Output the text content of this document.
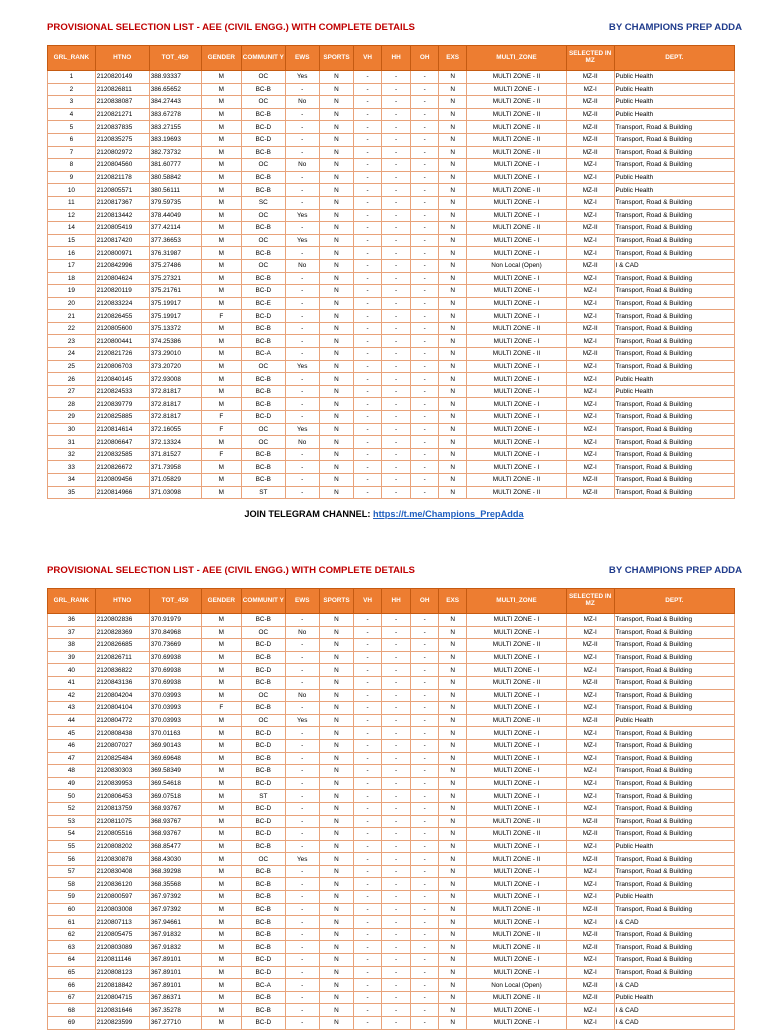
PROVISIONAL SELECTION LIST - AEE (CIVIL ENGG.) WITH COMPLETE DETAILS	BY CHAMPIONS PREP ADDA
GRL_RANK	HTNO	TOT_450	GENDER	COMMUNIT Y	EWS	SPORTS	VH	HH	OH	EXS	MULTI_ZONE	SELECTED IN MZ	DEPT.
1	2120820149	388.93337	M	OC	Yes	N	-	-	-	N	MULTI ZONE - II	MZ-II	Public Health
2	2120826811	386.65652	M	BC-B	-	N	-	-	-	N	MULTI ZONE - I	MZ-I	Public Health
3	2120838087	384.27443	M	OC	No	N	-	-	-	N	MULTI ZONE - II	MZ-II	Public Health
4	2120821271	383.67278	M	BC-B	-	N	-	-	-	N	MULTI ZONE - II	MZ-II	Public Health
5	2120837835	383.27155	M	BC-D	-	N	-	-	-	N	MULTI ZONE - II	MZ-II	Transport, Road & Building
6	2120835275	383.19693	M	BC-D	-	N	-	-	-	N	MULTI ZONE - II	MZ-II	Transport, Road & Building
7	2120802972	382.73732	M	BC-B	-	N	-	-	-	N	MULTI ZONE - II	MZ-II	Transport, Road & Building
8	2120804560	381.60777	M	OC	No	N	-	-	-	N	MULTI ZONE - I	MZ-I	Transport, Road & Building
9	2120821178	380.58842	M	BC-B	-	N	-	-	-	N	MULTI ZONE - I	MZ-I	Public Health
10	2120805571	380.56111	M	BC-B	-	N	-	-	-	N	MULTI ZONE - II	MZ-II	Public Health
11	2120817367	379.59735	M	SC	-	N	-	-	-	N	MULTI ZONE - I	MZ-I	Transport, Road & Building
12	2120813442	378.44049	M	OC	Yes	N	-	-	-	N	MULTI ZONE - I	MZ-I	Transport, Road & Building
14	2120805419	377.42114	M	BC-B	-	N	-	-	-	N	MULTI ZONE - II	MZ-II	Transport, Road & Building
15	2120817420	377.36653	M	OC	Yes	N	-	-	-	N	MULTI ZONE - I	MZ-I	Transport, Road & Building
16	2120800971	376.31987	M	BC-B	-	N	-	-	-	N	MULTI ZONE - I	MZ-I	Transport, Road & Building
17	2120842996	375.27486	M	OC	No	N	-	-	-	N	Non Local (Open)	MZ-II	I & CAD
18	2120804624	375.27321	M	BC-B	-	N	-	-	-	N	MULTI ZONE - I	MZ-I	Transport, Road & Building
19	2120820119	375.21761	M	BC-D	-	N	-	-	-	N	MULTI ZONE - I	MZ-I	Transport, Road & Building
20	2120833224	375.19917	M	BC-E	-	N	-	-	-	N	MULTI ZONE - I	MZ-I	Transport, Road & Building
21	2120826455	375.19917	F	BC-D	-	N	-	-	-	N	MULTI ZONE - I	MZ-I	Transport, Road & Building
22	2120805600	375.13372	M	BC-B	-	N	-	-	-	N	MULTI ZONE - II	MZ-II	Transport, Road & Building
23	2120800441	374.25386	M	BC-B	-	N	-	-	-	N	MULTI ZONE - I	MZ-I	Transport, Road & Building
24	2120821726	373.29010	M	BC-A	-	N	-	-	-	N	MULTI ZONE - II	MZ-II	Transport, Road & Building
25	2120806703	373.20720	M	OC	Yes	N	-	-	-	N	MULTI ZONE - I	MZ-I	Transport, Road & Building
26	2120840145	372.93008	M	BC-B	-	N	-	-	-	N	MULTI ZONE - I	MZ-I	Public Health
27	2120824533	372.81817	M	BC-B	-	N	-	-	-	N	MULTI ZONE - I	MZ-I	Public Health
28	2120839779	372.81817	M	BC-B	-	N	-	-	-	N	MULTI ZONE - I	MZ-I	Transport, Road & Building
29	2120825885	372.81817	F	BC-D	-	N	-	-	-	N	MULTI ZONE - I	MZ-I	Transport, Road & Building
30	2120814614	372.16055	F	OC	Yes	N	-	-	-	N	MULTI ZONE - I	MZ-I	Transport, Road & Building
31	2120806647	372.13324	M	OC	No	N	-	-	-	N	MULTI ZONE - I	MZ-I	Transport, Road & Building
32	2120832585	371.81527	F	BC-B	-	N	-	-	-	N	MULTI ZONE - I	MZ-I	Transport, Road & Building
33	2120826672	371.73958	M	BC-B	-	N	-	-	-	N	MULTI ZONE - I	MZ-I	Transport, Road & Building
34	2120809456	371.05829	M	BC-B	-	N	-	-	-	N	MULTI ZONE - II	MZ-II	Transport, Road & Building
35	2120814966	371.03098	M	ST	-	N	-	-	-	N	MULTI ZONE - II	MZ-II	Transport, Road & Building
JOIN TELEGRAM CHANNEL: https://t.me/Champions_PrepAdda
PROVISIONAL SELECTION LIST - AEE (CIVIL ENGG.) WITH COMPLETE DETAILS	BY CHAMPIONS PREP ADDA
GRL_RANK	HTNO	TOT_450	GENDER	COMMUNIT Y	EWS	SPORTS	VH	HH	OH	EXS	MULTI_ZONE	SELECTED IN MZ	DEPT.
36	2120802836	370.91979	M	BC-B	-	N	-	-	-	N	MULTI ZONE - I	MZ-I	Transport, Road & Building
37	2120828369	370.84968	M	OC	No	N	-	-	-	N	MULTI ZONE - I	MZ-I	Transport, Road & Building
38	2120826685	370.73669	M	BC-D	-	N	-	-	-	N	MULTI ZONE - II	MZ-II	Transport, Road & Building
39	2120826711	370.69938	M	BC-B	-	N	-	-	-	N	MULTI ZONE - I	MZ-I	Transport, Road & Building
40	2120836822	370.69938	M	BC-D	-	N	-	-	-	N	MULTI ZONE - I	MZ-I	Transport, Road & Building
41	2120843136	370.69938	M	BC-B	-	N	-	-	-	N	MULTI ZONE - II	MZ-II	Transport, Road & Building
42	2120804204	370.03993	M	OC	No	N	-	-	-	N	MULTI ZONE - I	MZ-I	Transport, Road & Building
43	2120804104	370.03993	F	BC-B	-	N	-	-	-	N	MULTI ZONE - I	MZ-I	Transport, Road & Building
44	2120804772	370.03993	M	OC	Yes	N	-	-	-	N	MULTI ZONE - II	MZ-II	Public Health
45	2120808438	370.01163	M	BC-D	-	N	-	-	-	N	MULTI ZONE - I	MZ-I	Transport, Road & Building
46	2120807027	369.90143	M	BC-D	-	N	-	-	-	N	MULTI ZONE - I	MZ-I	Transport, Road & Building
47	2120825484	369.69648	M	BC-B	-	N	-	-	-	N	MULTI ZONE - I	MZ-I	Transport, Road & Building
48	2120830303	369.58349	M	BC-B	-	N	-	-	-	N	MULTI ZONE - I	MZ-I	Transport, Road & Building
49	2120839953	369.54618	M	BC-D	-	N	-	-	-	N	MULTI ZONE - I	MZ-I	Transport, Road & Building
50	2120806453	369.07518	M	ST	-	N	-	-	-	N	MULTI ZONE - I	MZ-I	Transport, Road & Building
52	2120813759	368.93767	M	BC-D	-	N	-	-	-	N	MULTI ZONE - I	MZ-I	Transport, Road & Building
53	2120811075	368.93767	M	BC-D	-	N	-	-	-	N	MULTI ZONE - II	MZ-II	Transport, Road & Building
54	2120805516	368.93767	M	BC-D	-	N	-	-	-	N	MULTI ZONE - II	MZ-II	Transport, Road & Building
55	2120808202	368.85477	M	BC-B	-	N	-	-	-	N	MULTI ZONE - I	MZ-I	Public Health
56	2120830878	368.43030	M	OC	Yes	N	-	-	-	N	MULTI ZONE - II	MZ-II	Transport, Road & Building
57	2120830408	368.39298	M	BC-B	-	N	-	-	-	N	MULTI ZONE - I	MZ-I	Transport, Road & Building
58	2120836120	368.35568	M	BC-B	-	N	-	-	-	N	MULTI ZONE - I	MZ-I	Transport, Road & Building
59	2120800597	367.97392	M	BC-B	-	N	-	-	-	N	MULTI ZONE - I	MZ-I	Public Health
60	2120803008	367.97392	M	BC-B	-	N	-	-	-	N	MULTI ZONE - II	MZ-II	Transport, Road & Building
61	2120807113	367.94661	M	BC-B	-	N	-	-	-	N	MULTI ZONE - I	MZ-I	I & CAD
62	2120805475	367.91832	M	BC-B	-	N	-	-	-	N	MULTI ZONE - II	MZ-II	Transport, Road & Building
63	2120803089	367.91832	M	BC-B	-	N	-	-	-	N	MULTI ZONE - II	MZ-II	Transport, Road & Building
64	2120811146	367.89101	M	BC-D	-	N	-	-	-	N	MULTI ZONE - I	MZ-I	Transport, Road & Building
65	2120808123	367.89101	M	BC-D	-	N	-	-	-	N	MULTI ZONE - I	MZ-I	Transport, Road & Building
66	2120818842	367.89101	M	BC-A	-	N	-	-	-	N	Non Local (Open)	MZ-II	I & CAD
67	2120804715	367.86371	M	BC-B	-	N	-	-	-	N	MULTI ZONE - II	MZ-II	Public Health
68	2120831646	367.35278	M	BC-B	-	N	-	-	-	N	MULTI ZONE - I	MZ-I	I & CAD
69	2120823599	367.27710	M	BC-D	-	N	-	-	-	N	MULTI ZONE - I	MZ-I	I & CAD
